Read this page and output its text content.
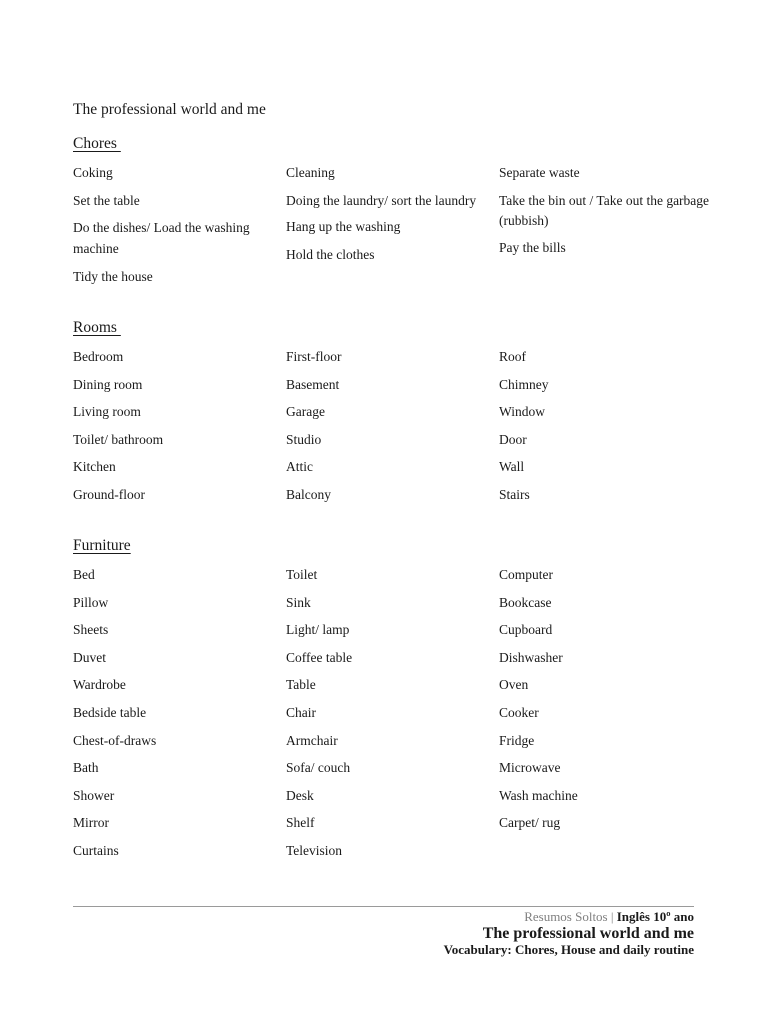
The professional world and me
Chores
Coking
Set the table
Do the dishes/ Load the washing machine
Tidy the house
Cleaning
Doing the laundry/ sort the laundry
Hang up the washing
Hold the clothes
Separate waste
Take the bin out / Take out the garbage (rubbish)
Pay the bills
Rooms
Bedroom
Dining room
Living room
Toilet/ bathroom
Kitchen
Ground-floor
First-floor
Basement
Garage
Studio
Attic
Balcony
Roof
Chimney
Window
Door
Wall
Stairs
Furniture
Bed
Pillow
Sheets
Duvet
Wardrobe
Bedside table
Chest-of-draws
Bath
Shower
Mirror
Curtains
Toilet
Sink
Light/ lamp
Coffee table
Table
Chair
Armchair
Sofa/ couch
Desk
Shelf
Television
Computer
Bookcase
Cupboard
Dishwasher
Oven
Cooker
Fridge
Microwave
Wash machine
Carpet/ rug
Resumos Soltos | Inglês 10º ano
The professional world and me
Vocabulary: Chores, House and daily routine
